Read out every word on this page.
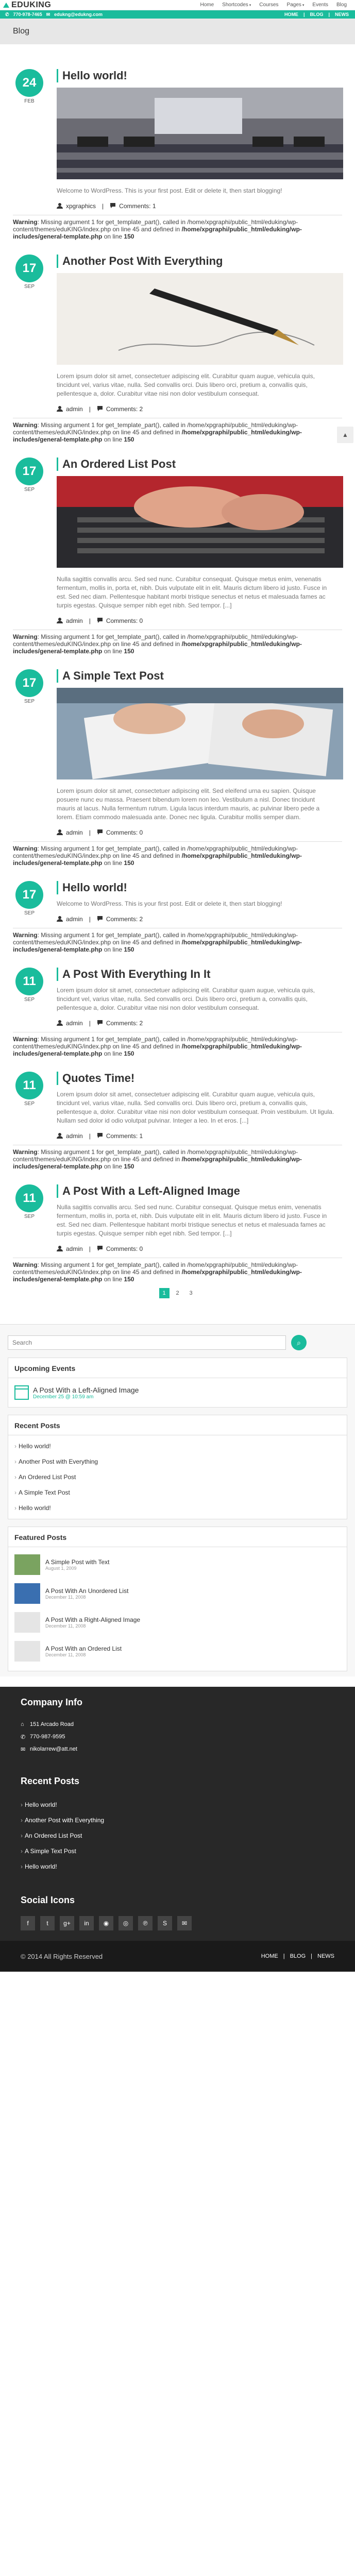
EDUKING	Home Shortcodes ▾ Courses Pages ▾ Events Blog
✆ 770-978-7465 ✉ edukng@edukng.com	HOME | BLOG | NEWS
Blog
24
FEB
Hello world!
Welcome to WordPress. This is your first post. Edit or delete it, then start blogging!
xpgraphics |	Comments: 1
Warning: Missing argument 1 for get_template_part(), called in /home/xpgraphi/public_html/eduking/wp-content/themes/eduKING/index.php on line 45 and defined in /home/xpgraphi/public_html/eduking/wp-includes/general-template.php on line 150
17
SEP
Another Post With Everything
Lorem ipsum dolor sit amet, consectetuer adipiscing elit. Curabitur quam augue, vehicula quis, tincidunt vel, varius vitae, nulla. Sed convallis orci. Duis libero orci, pretium a, convallis quis, pellentesque a, dolor. Curabitur vitae nisi non dolor vestibulum consequat.
admin |	Comments: 2
Warning: Missing argument 1 for get_template_part(), called in /home/xpgraphi/public_html/eduking/wp-content/themes/eduKING/index.php on line 45 and defined in /home/xpgraphi/public_html/eduking/wp-includes/general-template.php on line 150
17
SEP
An Ordered List Post
Nulla sagittis convallis arcu. Sed sed nunc. Curabitur consequat. Quisque metus enim, venenatis fermentum, mollis in, porta et, nibh. Duis vulputate elit in elit. Mauris dictum libero id justo. Fusce in est. Sed nec diam. Pellentesque habitant morbi tristique senectus et netus et malesuada fames ac turpis egestas. Quisque semper nibh eget nibh. Sed tempor. [...]
admin |	Comments: 0
Warning: Missing argument 1 for get_template_part(), called in /home/xpgraphi/public_html/eduking/wp-content/themes/eduKING/index.php on line 45 and defined in /home/xpgraphi/public_html/eduking/wp-includes/general-template.php on line 150
17
SEP
A Simple Text Post
Lorem ipsum dolor sit amet, consectetuer adipiscing elit. Sed eleifend urna eu sapien. Quisque posuere nunc eu massa. Praesent bibendum lorem non leo. Vestibulum a nisl. Donec tincidunt mauris at lacus. Nulla fermentum rutrum. Ligula lacus interdum mauris, ac pulvinar libero pede a lorem. Etiam commodo malesuada ante. Donec nec ligula. Curabitur mollis semper diam.
admin |	Comments: 0
Warning: Missing argument 1 for get_template_part(), called in /home/xpgraphi/public_html/eduking/wp-content/themes/eduKING/index.php on line 45 and defined in /home/xpgraphi/public_html/eduking/wp-includes/general-template.php on line 150
17
SEP
Hello world!
Welcome to WordPress. This is your first post. Edit or delete it, then start blogging!
admin |	Comments: 2
Warning: Missing argument 1 for get_template_part(), called in /home/xpgraphi/public_html/eduking/wp-content/themes/eduKING/index.php on line 45 and defined in /home/xpgraphi/public_html/eduking/wp-includes/general-template.php on line 150
11
SEP
A Post With Everything In It
Lorem ipsum dolor sit amet, consectetuer adipiscing elit. Curabitur quam augue, vehicula quis, tincidunt vel, varius vitae, nulla. Sed convallis orci. Duis libero orci, pretium a, convallis quis, pellentesque a, dolor. Curabitur vitae nisi non dolor vestibulum consequat.
admin |	Comments: 2
Warning: Missing argument 1 for get_template_part(), called in /home/xpgraphi/public_html/eduking/wp-content/themes/eduKING/index.php on line 45 and defined in /home/xpgraphi/public_html/eduking/wp-includes/general-template.php on line 150
11
SEP
Quotes Time!
Lorem ipsum dolor sit amet, consectetuer adipiscing elit. Curabitur quam augue, vehicula quis, tincidunt vel, varius vitae, nulla. Sed convallis orci. Duis libero orci, pretium a, convallis quis, pellentesque a, dolor. Curabitur vitae nisi non dolor vestibulum consequat. Proin vestibulum. Ut ligula. Nullam sed dolor id odio volutpat pulvinar. Integer a leo. In et eros. [...]
admin |	Comments: 1
Warning: Missing argument 1 for get_template_part(), called in /home/xpgraphi/public_html/eduking/wp-content/themes/eduKING/index.php on line 45 and defined in /home/xpgraphi/public_html/eduking/wp-includes/general-template.php on line 150
11
SEP
A Post With a Left-Aligned Image
Nulla sagittis convallis arcu. Sed sed nunc. Curabitur consequat. Quisque metus enim, venenatis fermentum, mollis in, porta et, nibh. Duis vulputate elit in elit. Mauris dictum libero id justo. Fusce in est. Sed nec diam. Pellentesque habitant morbi tristique senectus et netus et malesuada fames ac turpis egestas. Quisque semper nibh eget nibh. Sed tempor. [...]
admin |	Comments: 0
Warning: Missing argument 1 for get_template_part(), called in /home/xpgraphi/public_html/eduking/wp-content/themes/eduKING/index.php on line 45 and defined in /home/xpgraphi/public_html/eduking/wp-includes/general-template.php on line 150
1	2	3
Search
⌕
Upcoming Events
A Post With a Left-Aligned Image
December 25 @ 10:59 am
Recent Posts
› Hello world!
› Another Post with Everything
› An Ordered List Post
› A Simple Text Post
› Hello world!
Featured Posts
A Simple Post with Text
August 1, 2009
A Post With An Unordered List
December 11, 2008
A Post With a Right-Aligned Image
December 11, 2008
A Post With an Ordered List
December 11, 2008
Company Info
⌂	151 Arcado Road
✆ 770-987-9595
✉ nikolarrew@att.net
Recent Posts
› Hello world!
› Another Post with Everything
› An Ordered List Post
› A Simple Text Post
› Hello world!
Social Icons
f	t	g+	in	◉	◎	℗	S	✉
© 2014 All Rights Reserved	HOME | BLOG | NEWS
▲
